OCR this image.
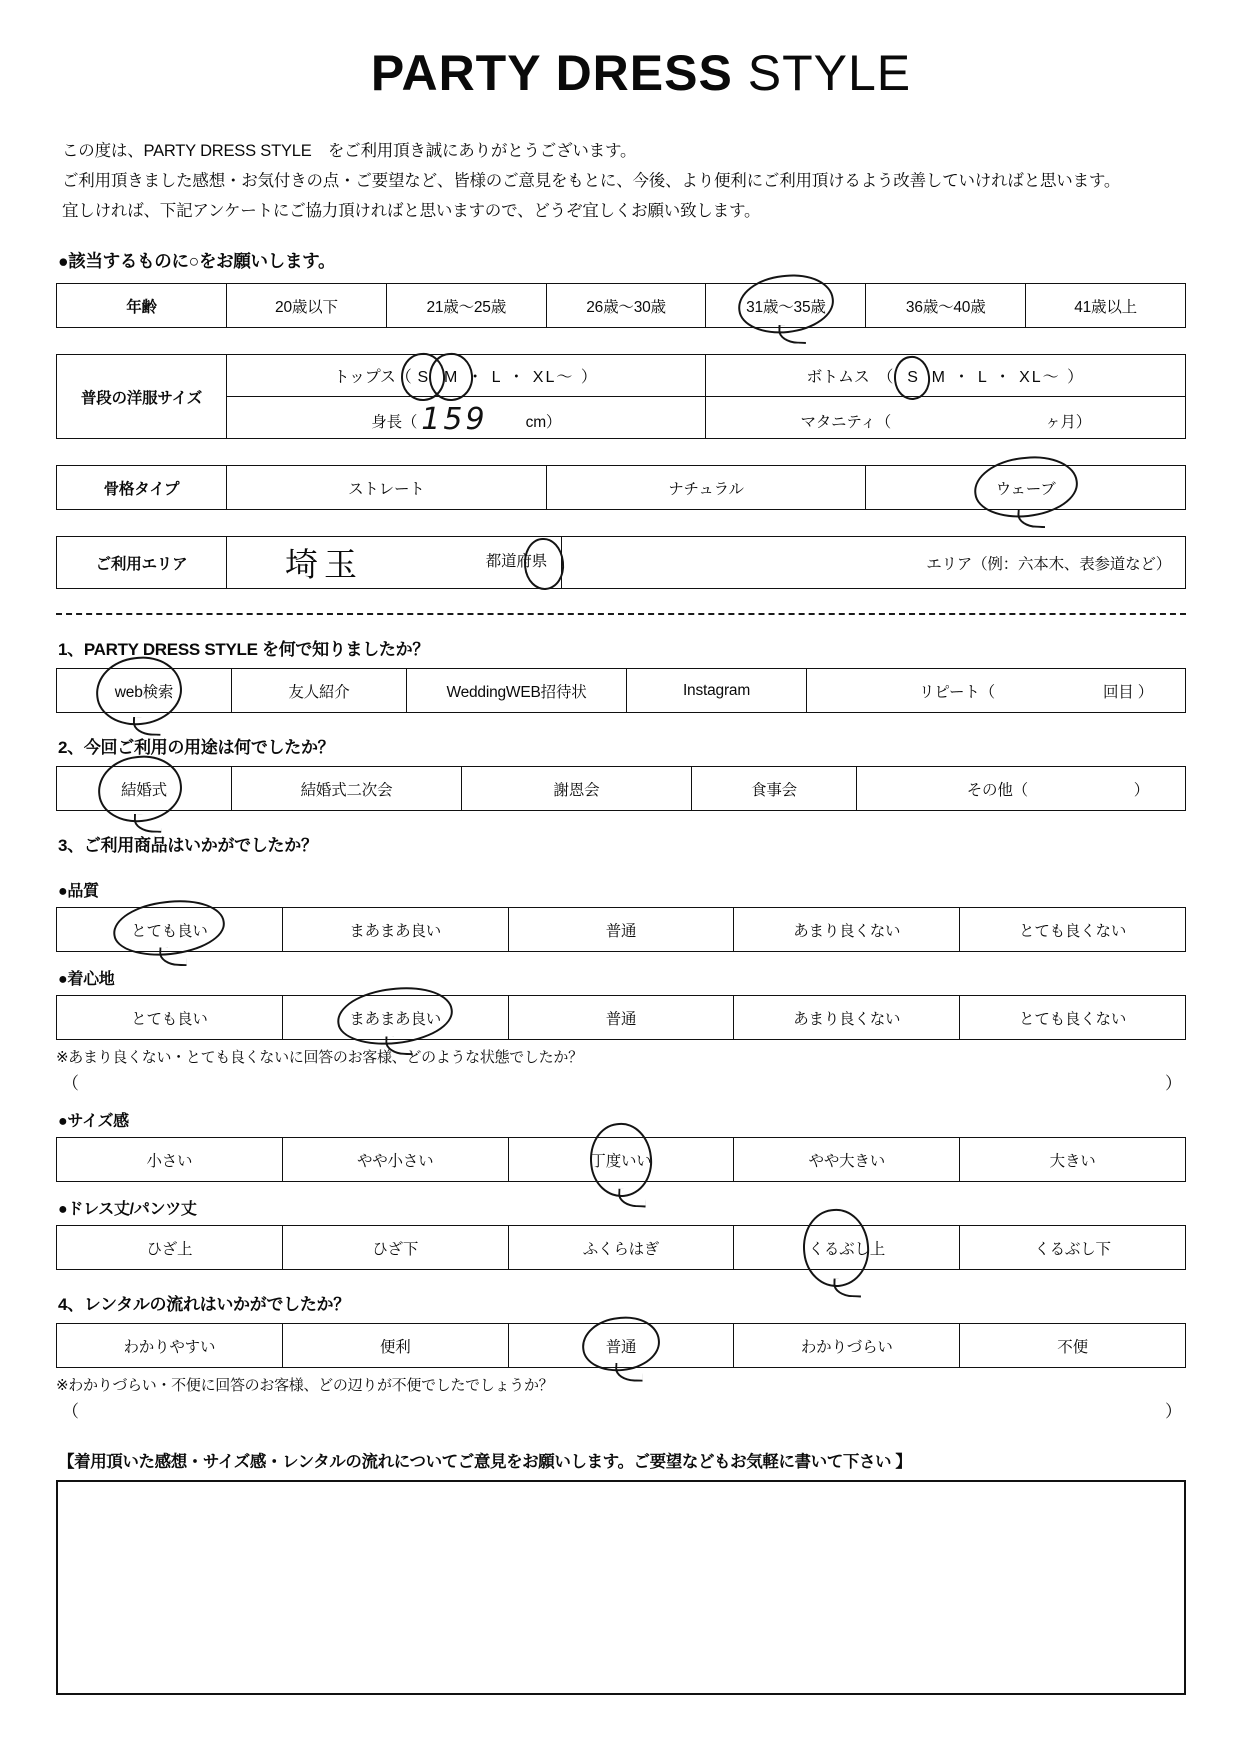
PARTY DRESS STYLE
この度は、PARTY DRESS STYLE　をご利用頂き誠にありがとうございます。
ご利用頂きました感想・お気付きの点・ご要望など、皆様のご意見をもとに、今後、より便利にご利用頂けるよう改善していければと思います。
宜しければ、下記アンケートにご協力頂ければと思いますので、どうぞ宜しくお願い致します。
●該当するものに○をお願いします。
年齢	20歳以下	21歳～25歳	26歳～30歳	31歳～35歳	36歳～40歳	41歳以上
普段の洋服サイズ	トップス（ S M ・ L ・ XL～ ）	ボトムス　（ S M ・ L ・ XL～ ）
	身長（ 159 cm）	マタニティ（ ヶ月）
骨格タイプ	ストレート	ナチュラル	ウェーブ
ご利用エリア	埼玉	都道府県	エリア（例：六本木、表参道など）
1、PARTY DRESS STYLE を何で知りましたか？
web検索	友人紹介	WeddingWEB招待状	Instagram	リピート（	回目 ）
2、今回ご利用の用途は何でしたか？
結婚式	結婚式二次会	謝恩会	食事会	その他（	）
3、ご利用商品はいかがでしたか？
●品質
とても良い	まあまあ良い	普通	あまり良くない	とても良くない
●着心地
とても良い	まあまあ良い	普通	あまり良くない	とても良くない
※あまり良くない・とても良くないに回答のお客様、どのような状態でしたか？
（	）
●サイズ感
小さい	やや小さい	丁度いい	やや大きい	大きい
●ドレス丈/パンツ丈
ひざ上	ひざ下	ふくらはぎ	くるぶし上	くるぶし下
4、レンタルの流れはいかがでしたか？
わかりやすい	便利	普通	わかりづらい	不便
※わかりづらい・不便に回答のお客様、どの辺りが不便でしたでしょうか？
（	）
【着用頂いた感想・サイズ感・レンタルの流れについてご意見をお願いします。ご要望などもお気軽に書いて下さい 】
